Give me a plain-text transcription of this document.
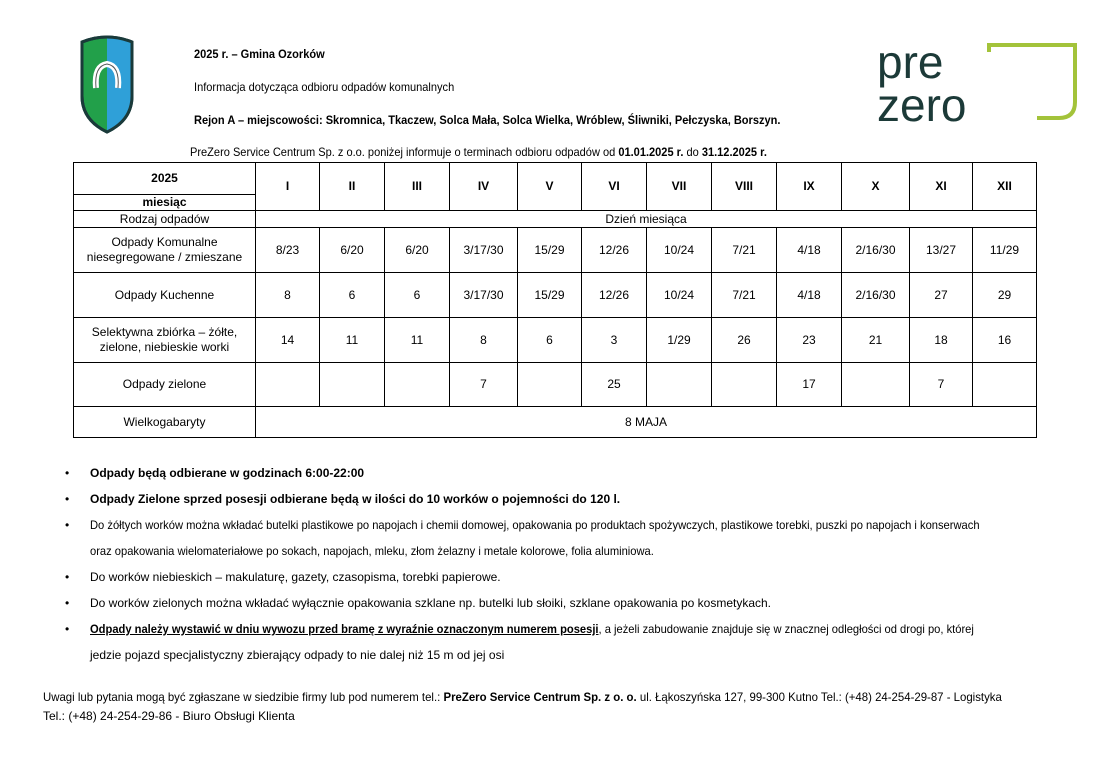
2025 r. – Gmina Ozorków
Informacja dotycząca odbioru odpadów komunalnych
Rejon A – miejscowości: Skromnica, Tkaczew, Solca Mała, Solca Wielka, Wróblew, Śliwniki, Pełczyska, Borszyn.
pre
zero
PreZero Service Centrum Sp. z o.o. poniżej informuje o terminach odbioru odpadów od 01.01.2025 r. do 31.12.2025 r.
2025	I	II	III	IV	V	VI	VII	VIII	IX	X	XI	XII
miesiąc												
Rodzaj odpadów	Dzień miesiąca											
Odpady Komunalne niesegregowane / zmieszane	8/23	6/20	6/20	3/17/30	15/29	12/26	10/24	7/21	4/18	2/16/30	13/27	11/29
Odpady Kuchenne	8	6	6	3/17/30	15/29	12/26	10/24	7/21	4/18	2/16/30	27	29
Selektywna zbiórka – żółte, zielone, niebieskie worki	14	11	11	8	6	3	1/29	26	23	21	18	16
Odpady zielone				7		25			17		7	
Wielkogabaryty	8 MAJA											
• Odpady będą odbierane w godzinach 6:00-22:00
• Odpady Zielone sprzed posesji odbierane będą w ilości do 10 worków o pojemności do 120 l.
• Do żółtych worków można wkładać butelki plastikowe po napojach i chemii domowej, opakowania po produktach spożywczych, plastikowe torebki, puszki po napojach i konserwach
oraz opakowania wielomateriałowe po sokach, napojach, mleku, złom żelazny i metale kolorowe, folia aluminiowa.
• Do worków niebieskich – makulaturę, gazety, czasopisma, torebki papierowe.
• Do worków zielonych można wkładać wyłącznie opakowania szklane np. butelki lub słoiki, szklane opakowania po kosmetykach.
• Odpady należy wystawić w dniu wywozu przed bramę z wyraźnie oznaczonym numerem posesji, a jeżeli zabudowanie znajduje się w znacznej odległości od drogi po, której
jedzie pojazd specjalistyczny zbierający odpady to nie dalej niż 15 m od jej osi
Uwagi lub pytania mogą być zgłaszane w siedzibie firmy lub pod numerem tel.: PreZero Service Centrum Sp. z o. o. ul. Łąkoszyńska 127, 99-300 Kutno Tel.: (+48) 24-254-29-87 - Logistyka
Tel.: (+48) 24-254-29-86 - Biuro Obsługi Klienta
